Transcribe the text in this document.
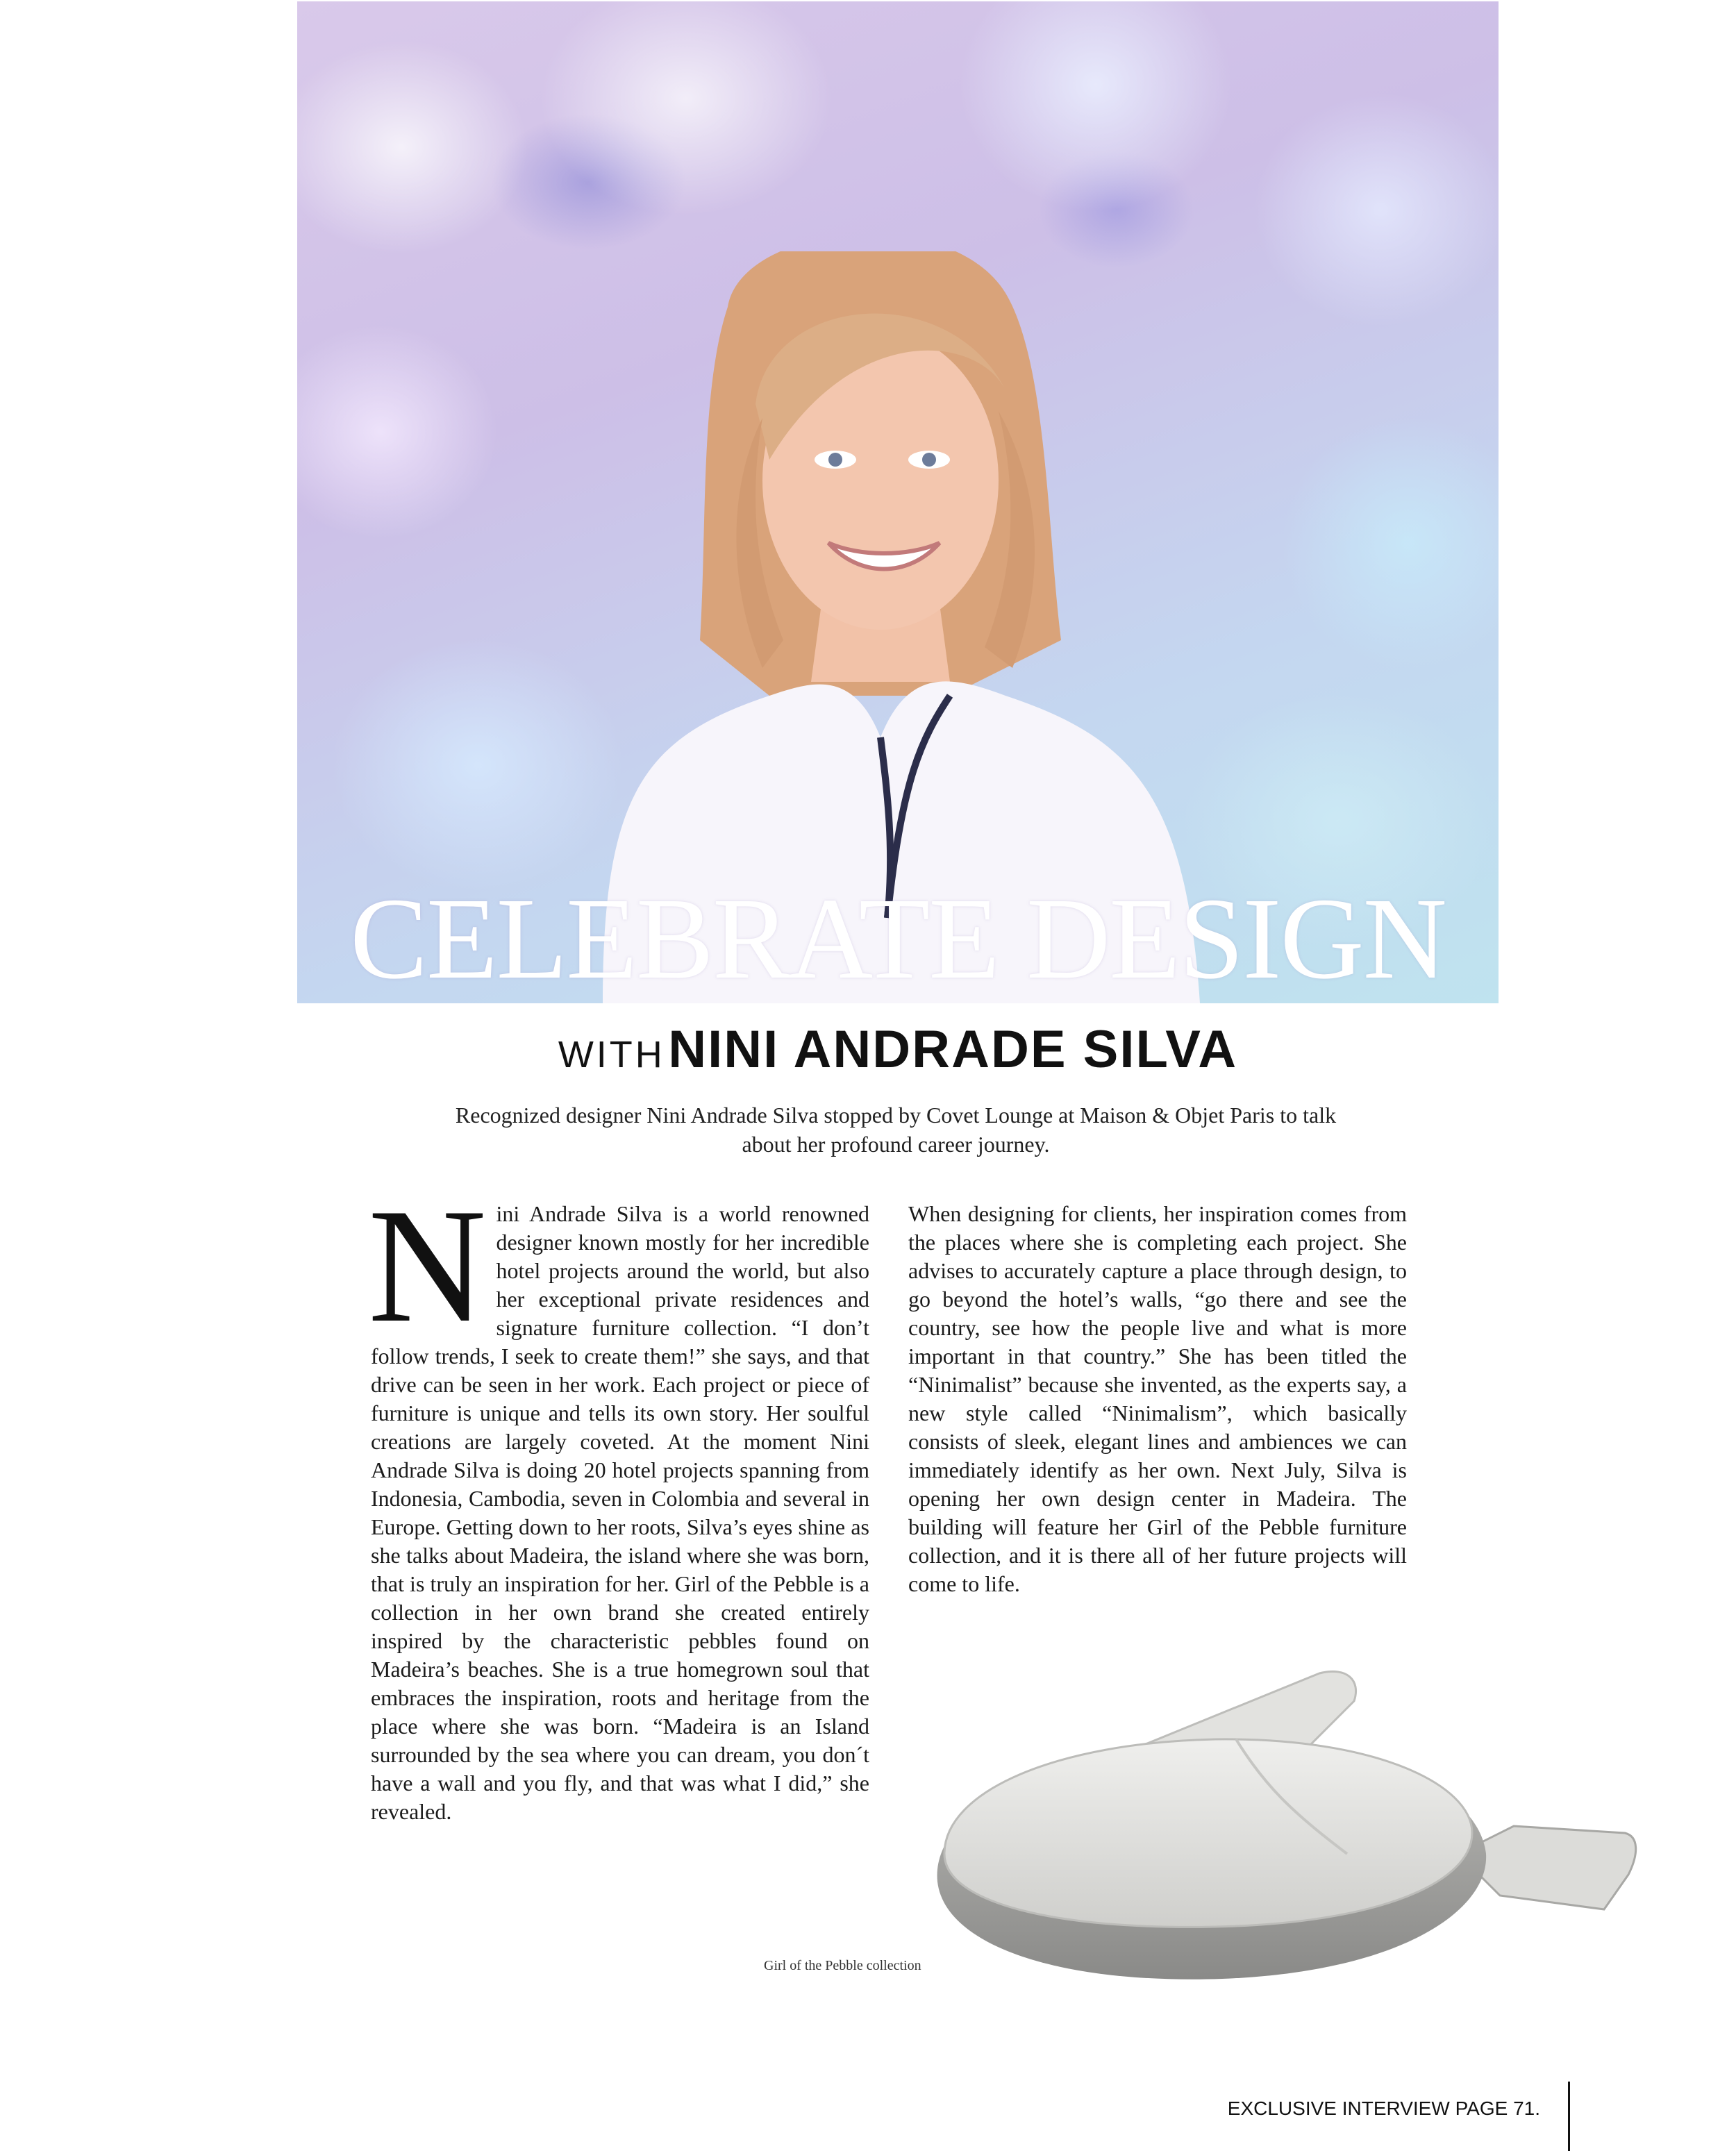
CELEBRATE DESIGN
WITH NINI ANDRADE SILVA
Recognized designer Nini Andrade Silva stopped by Covet Lounge at Maison & Objet Paris to talk
about her profound career journey.
N ini Andrade Silva is a world renowned designer known mostly for her incredible hotel projects around the world, but also her exceptional private residences and signature furniture collection. “I don’t follow trends, I seek to create them!” she says, and that drive can be seen in her work. Each project or piece of furniture is unique and tells its own story. Her soulful creations are largely coveted. At the moment Nini Andrade Silva is doing 20 hotel projects spanning from Indonesia, Cambodia, seven in Colombia and several in Europe. Getting down to her roots, Silva’s eyes shine as she talks about Madeira, the island where she was born, that is truly an inspiration for her. Girl of the Pebble is a collection in her own brand she created entirely inspired by the characteristic pebbles found on Madeira’s beaches. She is a true homegrown soul that embraces the inspiration, roots and heritage from the place where she was born. “Madeira is an Island surrounded by the sea where you can dream, you don´t have a wall and you fly, and that was what I did,” she revealed.

When designing for clients, her inspiration comes from the places where she is completing each project. She advises to accurately capture a place through design, to go beyond the hotel’s walls, “go there and see the country, see how the people live and what is more important in that country.” She has been titled the “Ninimalist” because she invented, as the experts say, a new style called “Ninimalism”, which basically consists of sleek, elegant lines and ambiences we can immediately identify as her own. Next July, Silva is opening her own design center in Madeira. The building will feature her Girl of the Pebble furniture collection, and it is there all of her future projects will come to life.

Girl of the Pebble collection
EXCLUSIVE INTERVIEW PAGE 71.
